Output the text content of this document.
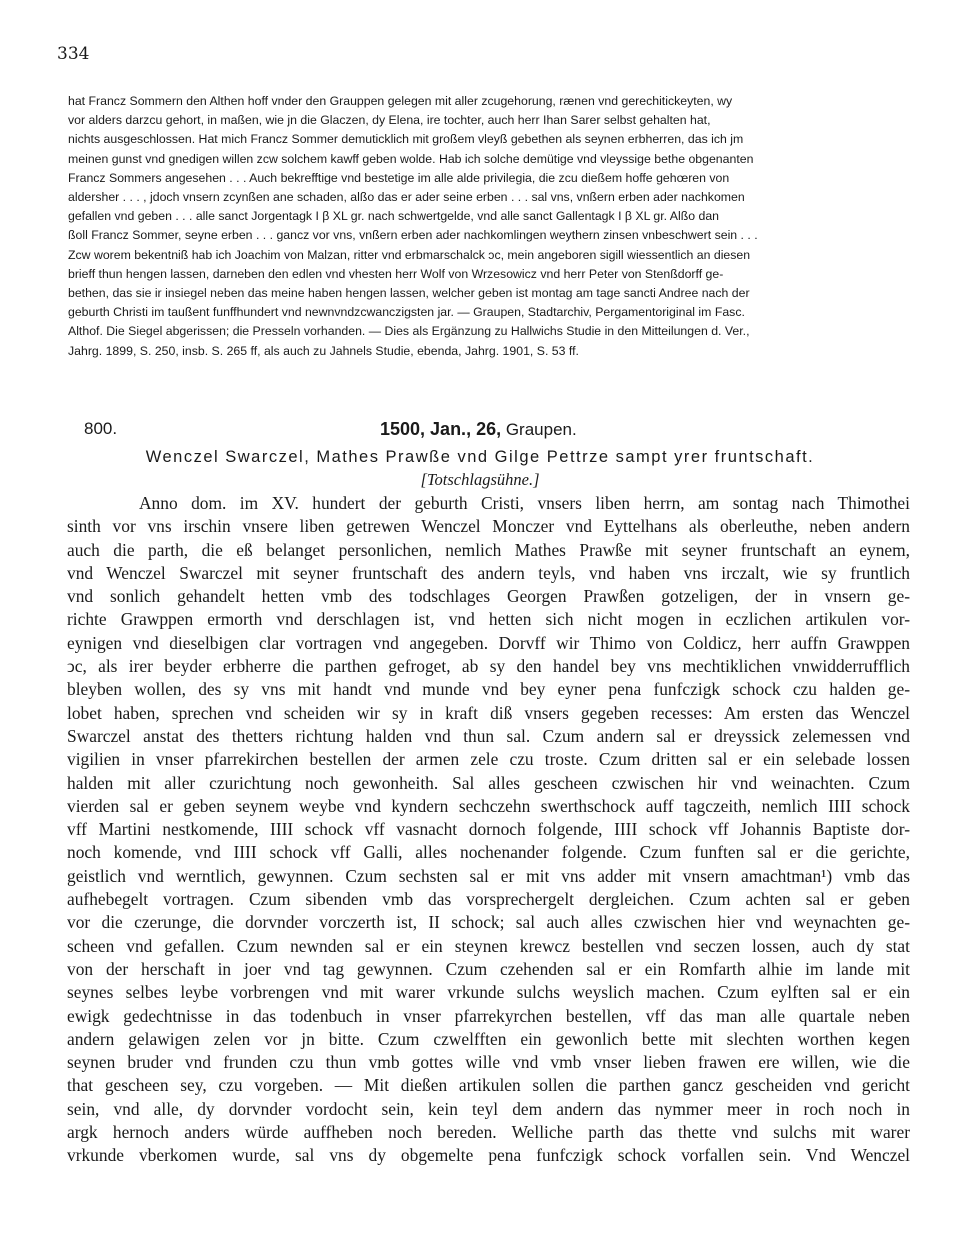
334
hat Francz Sommern den Althen hoff vnder den Grauppen gelegen mit aller zcugehorung, rænen vnd gerechitickeyten, wy
vor alders darzcu gehort, in maßen, wie jn die Glaczen, dy Elena, ire tochter, auch herr Ihan Sarer selbst gehalten hat,
nichts ausgeschlossen. Hat mich Francz Sommer demuticklich mit großem vleyß gebethen als seynen erbherren, das ich jm
meinen gunst vnd gnedigen willen zcw solchem kawff geben wolde. Hab ich solche demütige vnd vleyssige bethe obgenanten
Francz Sommers angesehen . . . Auch bekrefftige vnd bestetige im alle alde privilegia, die zcu dießem hoffe gehœren von
aldersher . . . , jdoch vnsern zcynßen ane schaden, alßo das er ader seine erben . . . sal vns, vnßern erben ader nachkomen
gefallen vnd geben . . . alle sanct Jorgentagk I β XL gr. nach schwertgelde, vnd alle sanct Gallentagk I β XL gr. Alßo dan
ßoll Francz Sommer, seyne erben . . . gancz vor vns, vnßern erben ader nachkomlingen weythern zinsen vnbeschwert sein . . .
Zcw worem bekentniß hab ich Joachim von Malzan, ritter vnd erbmarschalck ↄc, mein angeboren sigill wiessentlich an diesen
brieff thun hengen lassen, darneben den edlen vnd vhesten herr Wolf von Wrzesowicz vnd herr Peter von Stenßdorff ge-
bethen, das sie ir insiegel neben das meine haben hengen lassen, welcher geben ist montag am tage sancti Andree nach der
geburth Christi im taußent funffhundert vnd newnvndzcwanczigsten jar. — Graupen, Stadtarchiv, Pergamentoriginal im Fasc.
Althof. Die Siegel abgerissen; die Presseln vorhanden. — Dies als Ergänzung zu Hallwichs Studie in den Mitteilungen d. Ver.,
Jahrg. 1899, S. 250, insb. S. 265 ff, als auch zu Jahnels Studie, ebenda, Jahrg. 1901, S. 53 ff.
800.	1500, Jan., 26, Graupen.
Wenczel Swarczel, Mathes Prawße vnd Gilge Pettrze sampt yrer fruntschaft.
[Totschlagsühne.]
Anno dom. im XV. hundert der geburth Cristi, vnsers liben herrn, am sontag nach Thimothei
sinth vor vns irschin vnsere liben getrewen Wenczel Monczer vnd Eyttelhans als oberleuthe, neben andern
auch die parth, die eß belanget personlichen, nemlich Mathes Prawße mit seyner fruntschaft an eynem,
vnd Wenczel Swarczel mit seyner fruntschaft des andern teyls, vnd haben vns irczalt, wie sy fruntlich
vnd sonlich gehandelt hetten vmb des todschlages Georgen Prawßen gotzeligen, der in vnsern ge-
richte Grawppen ermorth vnd derschlagen ist, vnd hetten sich nicht mogen in eczlichen artikulen vor-
eynigen vnd dieselbigen clar vortragen vnd angegeben. Dorvff wir Thimo von Coldicz, herr auffn Grawppen
ↄc, als irer beyder erbherre die parthen gefroget, ab sy den handel bey vns mechtiklichen vnwidderrufflich
bleyben wollen, des sy vns mit handt vnd munde vnd bey eyner pena funfczigk schock czu halden ge-
lobet haben, sprechen vnd scheiden wir sy in kraft diß vnsers gegeben recesses: Am ersten das Wenczel
Swarczel anstat des thetters richtung halden vnd thun sal. Czum andern sal er dreyssick zelemessen vnd
vigilien in vnser pfarrekirchen bestellen der armen zele czu troste. Czum dritten sal er ein selebade lossen
halden mit aller czurichtung noch gewonheith. Sal alles gescheen czwischen hir vnd weinachten. Czum
vierden sal er geben seynem weybe vnd kyndern sechczehn swerthschock auff tagczeith, nemlich IIII schock
vff Martini nestkomende, IIII schock vff vasnacht dornoch folgende, IIII schock vff Johannis Baptiste dor-
noch komende, vnd IIII schock vff Galli, alles nochenander folgende. Czum funften sal er die gerichte,
geistlich vnd werntlich, gewynnen. Czum sechsten sal er mit vns adder mit vnsern amachtman¹) vmb das
aufhebegelt vortragen. Czum sibenden vmb das vorsprechergelt dergleichen. Czum achten sal er geben
vor die czerunge, die dorvnder vorczerth ist, II schock; sal auch alles czwischen hier vnd weynachten ge-
scheen vnd gefallen. Czum newnden sal er ein steynen krewcz bestellen vnd seczen lossen, auch dy stat
von der herschaft in joer vnd tag gewynnen. Czum czehenden sal er ein Romfarth alhie im lande mit
seynes selbes leybe vorbrengen vnd mit warer vrkunde sulchs weyslich machen. Czum eylften sal er ein
ewigk gedechtnisse in das todenbuch in vnser pfarrekyrchen bestellen, vff das man alle quartale neben
andern gelawigen zelen vor jn bitte. Czum czwelfften ein gewonlich bette mit slechten worthen kegen
seynen bruder vnd frunden czu thun vmb gottes wille vnd vmb vnser lieben frawen ere willen, wie die
that gescheen sey, czu vorgeben. — Mit dießen artikulen sollen die parthen gancz gescheiden vnd gericht
sein, vnd alle, dy dorvnder vordocht sein, kein teyl dem andern das nymmer meer in roch noch in
argk hernoch anders würde auffheben noch bereden. Welliche parth das thette vnd sulchs mit warer
vrkunde vberkomen wurde, sal vns dy obgemelte pena funfczigk schock vorfallen sein. Vnd Wenczel
